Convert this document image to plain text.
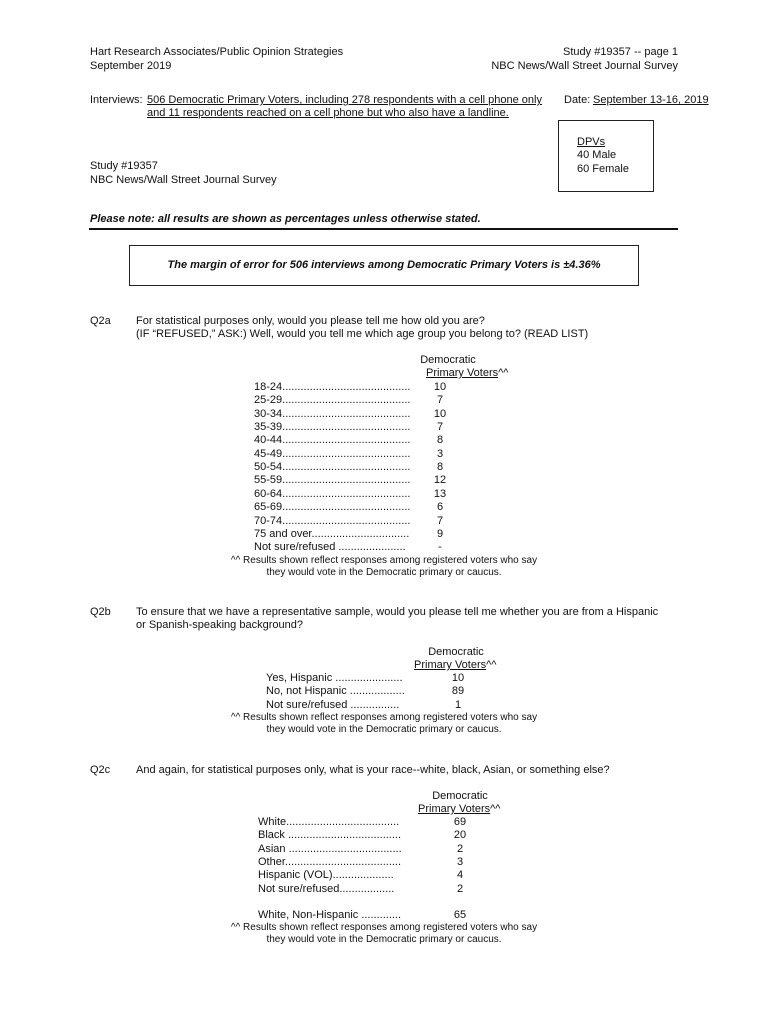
Hart Research Associates/Public Opinion Strategies
September 2019
Study #19357 -- page 1
NBC News/Wall Street Journal Survey
Interviews: 506 Democratic Primary Voters, including 278 respondents with a cell phone only
and 11 respondents reached on a cell phone but who also have a landline.
Date: September 13-16, 2019
DPVs
40 Male
60 Female
Study #19357
NBC News/Wall Street Journal Survey
Please note: all results are shown as percentages unless otherwise stated.
The margin of error for 506 interviews among Democratic Primary Voters is ±4.36%
Q2a For statistical purposes only, would you please tell me how old you are?
(IF “REFUSED,” ASK:) Well, would you tell me which age group you belong to? (READ LIST)
Democratic
Primary Voters^^
18-24..........................................	10
25-29..........................................	7
30-34..........................................	10
35-39..........................................	7
40-44..........................................	8
45-49..........................................	3
50-54..........................................	8
55-59..........................................	12
60-64..........................................	13
65-69..........................................	6
70-74..........................................	7
75 and over................................	9
Not sure/refused ......................	-
^^ Results shown reflect responses among registered voters who say
they would vote in the Democratic primary or caucus.
Q2b To ensure that we have a representative sample, would you please tell me whether you are from a Hispanic
or Spanish-speaking background?
Democratic
Primary Voters^^
Yes, Hispanic ......................	10
No, not Hispanic ..................	89
Not sure/refused ................	1
^^ Results shown reflect responses among registered voters who say
they would vote in the Democratic primary or caucus.
Q2c And again, for statistical purposes only, what is your race--white, black, Asian, or something else?
Democratic
Primary Voters^^
White.....................................	69
Black .....................................	20
Asian .....................................	2
Other......................................	3
Hispanic (VOL)....................	4
Not sure/refused..................	2
White, Non-Hispanic .............	65
^^ Results shown reflect responses among registered voters who say
they would vote in the Democratic primary or caucus.
